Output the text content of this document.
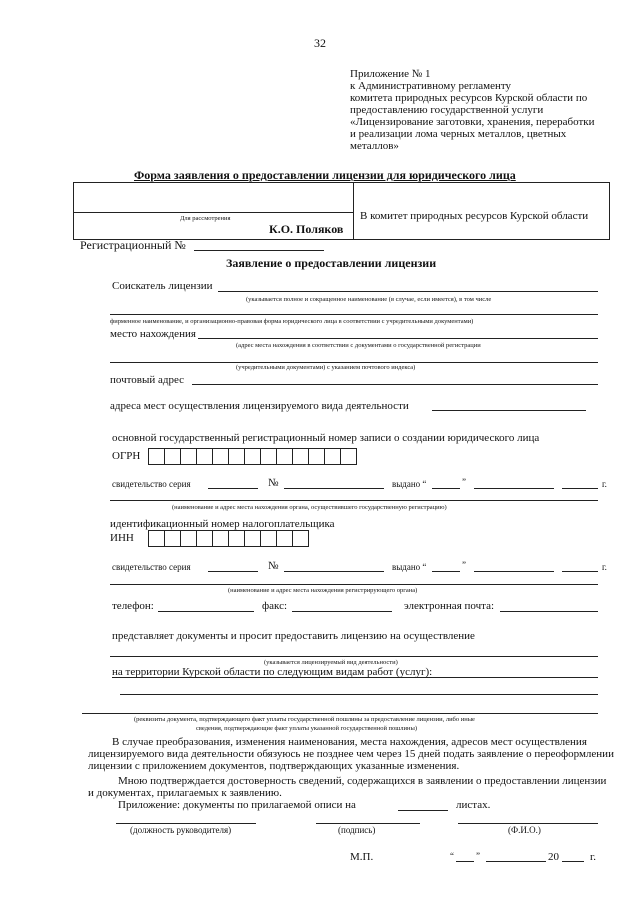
32
Приложение № 1
к Административному регламенту
комитета природных ресурсов Курской области по
предоставлению государственной услуги
«Лицензирование заготовки, хранения, переработки
и реализации лома черных металлов, цветных
металлов»
Форма заявления о предоставлении лицензии для юридического лица
Для рассмотрения
К.О. Поляков
В комитет природных ресурсов Курской области
Регистрационный №
Заявление о предоставлении лицензии
Соискатель лицензии
(указывается полное и сокращенное наименование (в случае, если имеется), в том числе
фирменное наименование, и организационно-правовая форма юридического лица в соответствии с учредительными документами)
место нахождения
(адрес места нахождения в соответствии с документами о государственной регистрации
(учредительными документами) с указанием почтового индекса)
почтовый адрес
адреса мест осуществления лицензируемого вида деятельности
основной государственный регистрационный номер записи о создании юридического лица
ОГРН
свидетельство серия	№	выдано “	”	г.
(наименование и адрес места нахождения органа, осуществившего государственную регистрацию)
идентификационный номер налогоплательщика
ИНН
свидетельство серия	№	выдано “	”	г.
(наименование и адрес места нахождения регистрирующего органа)
телефон:	факс:	электронная почта:
представляет документы и просит предоставить лицензию на осуществление
(указывается лицензируемый вид деятельности)
на территории Курской области по следующим видам работ (услуг):
(реквизиты документа, подтверждающего факт уплаты государственной пошлины за предоставление лицензии, либо иные
сведения, подтверждающие факт уплаты указанной государственной пошлины)
В случае преобразования, изменения наименования, места нахождения, адресов мест осуществления
лицензируемого вида деятельности обязуюсь не позднее чем через 15 дней подать заявление о переоформлении
лицензии с приложением документов, подтверждающих указанные изменения.
Мною подтверждается достоверность сведений, содержащихся в заявлении о предоставлении лицензии
и документах, прилагаемых к заявлению.
Приложение: документы по прилагаемой описи на	листах.
(должность руководителя)	(подпись)	(Ф.И.О.)
М.П.	“ ”	20	г.
